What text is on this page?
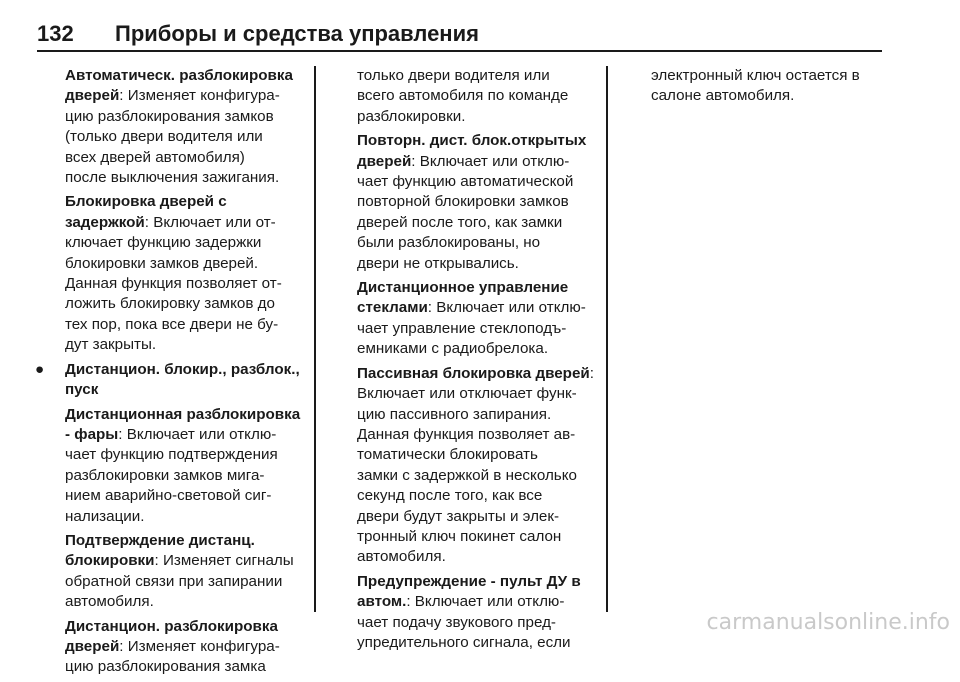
132 Приборы и средства управления

Автоматическ. разблокировка
дверей: Изменяет конфигура-
цию разблокирования замков
(только двери водителя или
всех дверей автомобиля)
после выключения зажигания.

Блокировка дверей с
задержкой: Включает или от-
ключает функцию задержки
блокировки замков дверей.
Данная функция позволяет от-
ложить блокировку замков до
тех пор, пока все двери не бу-
дут закрыты.

● Дистанцион. блокир., разблок.,
пуск

Дистанционная разблокировка
- фары: Включает или отклю-
чает функцию подтверждения
разблокировки замков мига-
нием аварийно-световой сиг-
нализации.

Подтверждение дистанц.
блокировки: Изменяет сигналы
обратной связи при запирании
автомобиля.

Дистанцион. разблокировка
дверей: Изменяет конфигура-
цию разблокирования замка

только двери водителя или
всего автомобиля по команде
разблокировки.

Повторн. дист. блок.открытых
дверей: Включает или отклю-
чает функцию автоматической
повторной блокировки замков
дверей после того, как замки
были разблокированы, но
двери не открывались.

Дистанционное управление
стеклами: Включает или отклю-
чает управление стеклоподъ-
емниками с радиобрелока.

Пассивная блокировка дверей:
Включает или отключает функ-
цию пассивного запирания.
Данная функция позволяет ав-
томатически блокировать
замки с задержкой в несколько
секунд после того, как все
двери будут закрыты и элек-
тронный ключ покинет салон
автомобиля.

Предупреждение - пульт ДУ в
автом.: Включает или отклю-
чает подачу звукового пред-
упредительного сигнала, если

электронный ключ остается в
салоне автомобиля.

carmanualsonline.info
